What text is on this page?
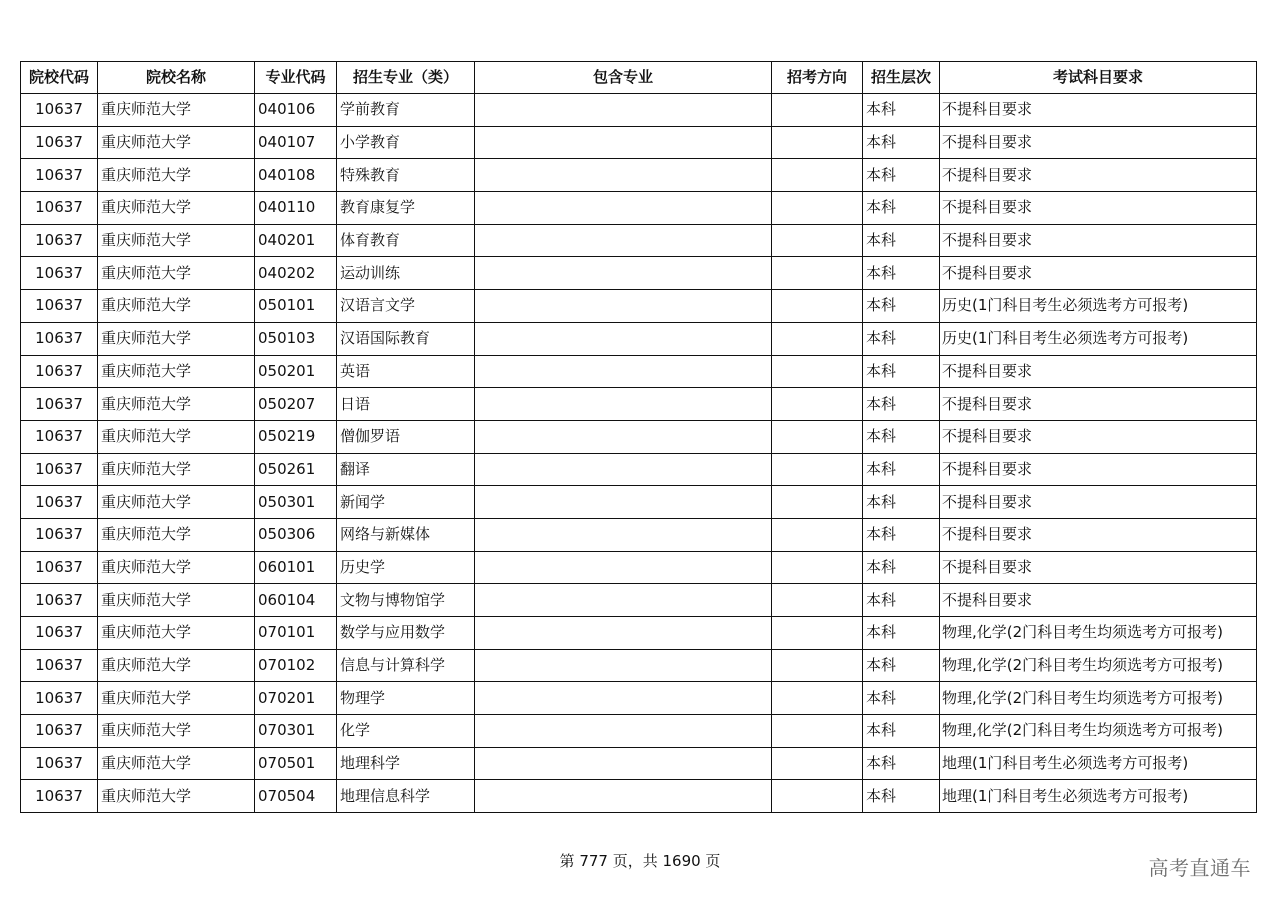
院校代码	院校名称	专业代码	招生专业（类）	包含专业	招考方向	招生层次	考试科目要求
10637	重庆师范大学	040106	学前教育			本科	不提科目要求
10637	重庆师范大学	040107	小学教育			本科	不提科目要求
10637	重庆师范大学	040108	特殊教育			本科	不提科目要求
10637	重庆师范大学	040110	教育康复学			本科	不提科目要求
10637	重庆师范大学	040201	体育教育			本科	不提科目要求
10637	重庆师范大学	040202	运动训练			本科	不提科目要求
10637	重庆师范大学	050101	汉语言文学			本科	历史(1门科目考生必须选考方可报考)
10637	重庆师范大学	050103	汉语国际教育			本科	历史(1门科目考生必须选考方可报考)
10637	重庆师范大学	050201	英语			本科	不提科目要求
10637	重庆师范大学	050207	日语			本科	不提科目要求
10637	重庆师范大学	050219	僧伽罗语			本科	不提科目要求
10637	重庆师范大学	050261	翻译			本科	不提科目要求
10637	重庆师范大学	050301	新闻学			本科	不提科目要求
10637	重庆师范大学	050306	网络与新媒体			本科	不提科目要求
10637	重庆师范大学	060101	历史学			本科	不提科目要求
10637	重庆师范大学	060104	文物与博物馆学			本科	不提科目要求
10637	重庆师范大学	070101	数学与应用数学			本科	物理,化学(2门科目考生均须选考方可报考)
10637	重庆师范大学	070102	信息与计算科学			本科	物理,化学(2门科目考生均须选考方可报考)
10637	重庆师范大学	070201	物理学			本科	物理,化学(2门科目考生均须选考方可报考)
10637	重庆师范大学	070301	化学			本科	物理,化学(2门科目考生均须选考方可报考)
10637	重庆师范大学	070501	地理科学			本科	地理(1门科目考生必须选考方可报考)
10637	重庆师范大学	070504	地理信息科学			本科	地理(1门科目考生必须选考方可报考)
第 777 页，共 1690 页	高考直通车
